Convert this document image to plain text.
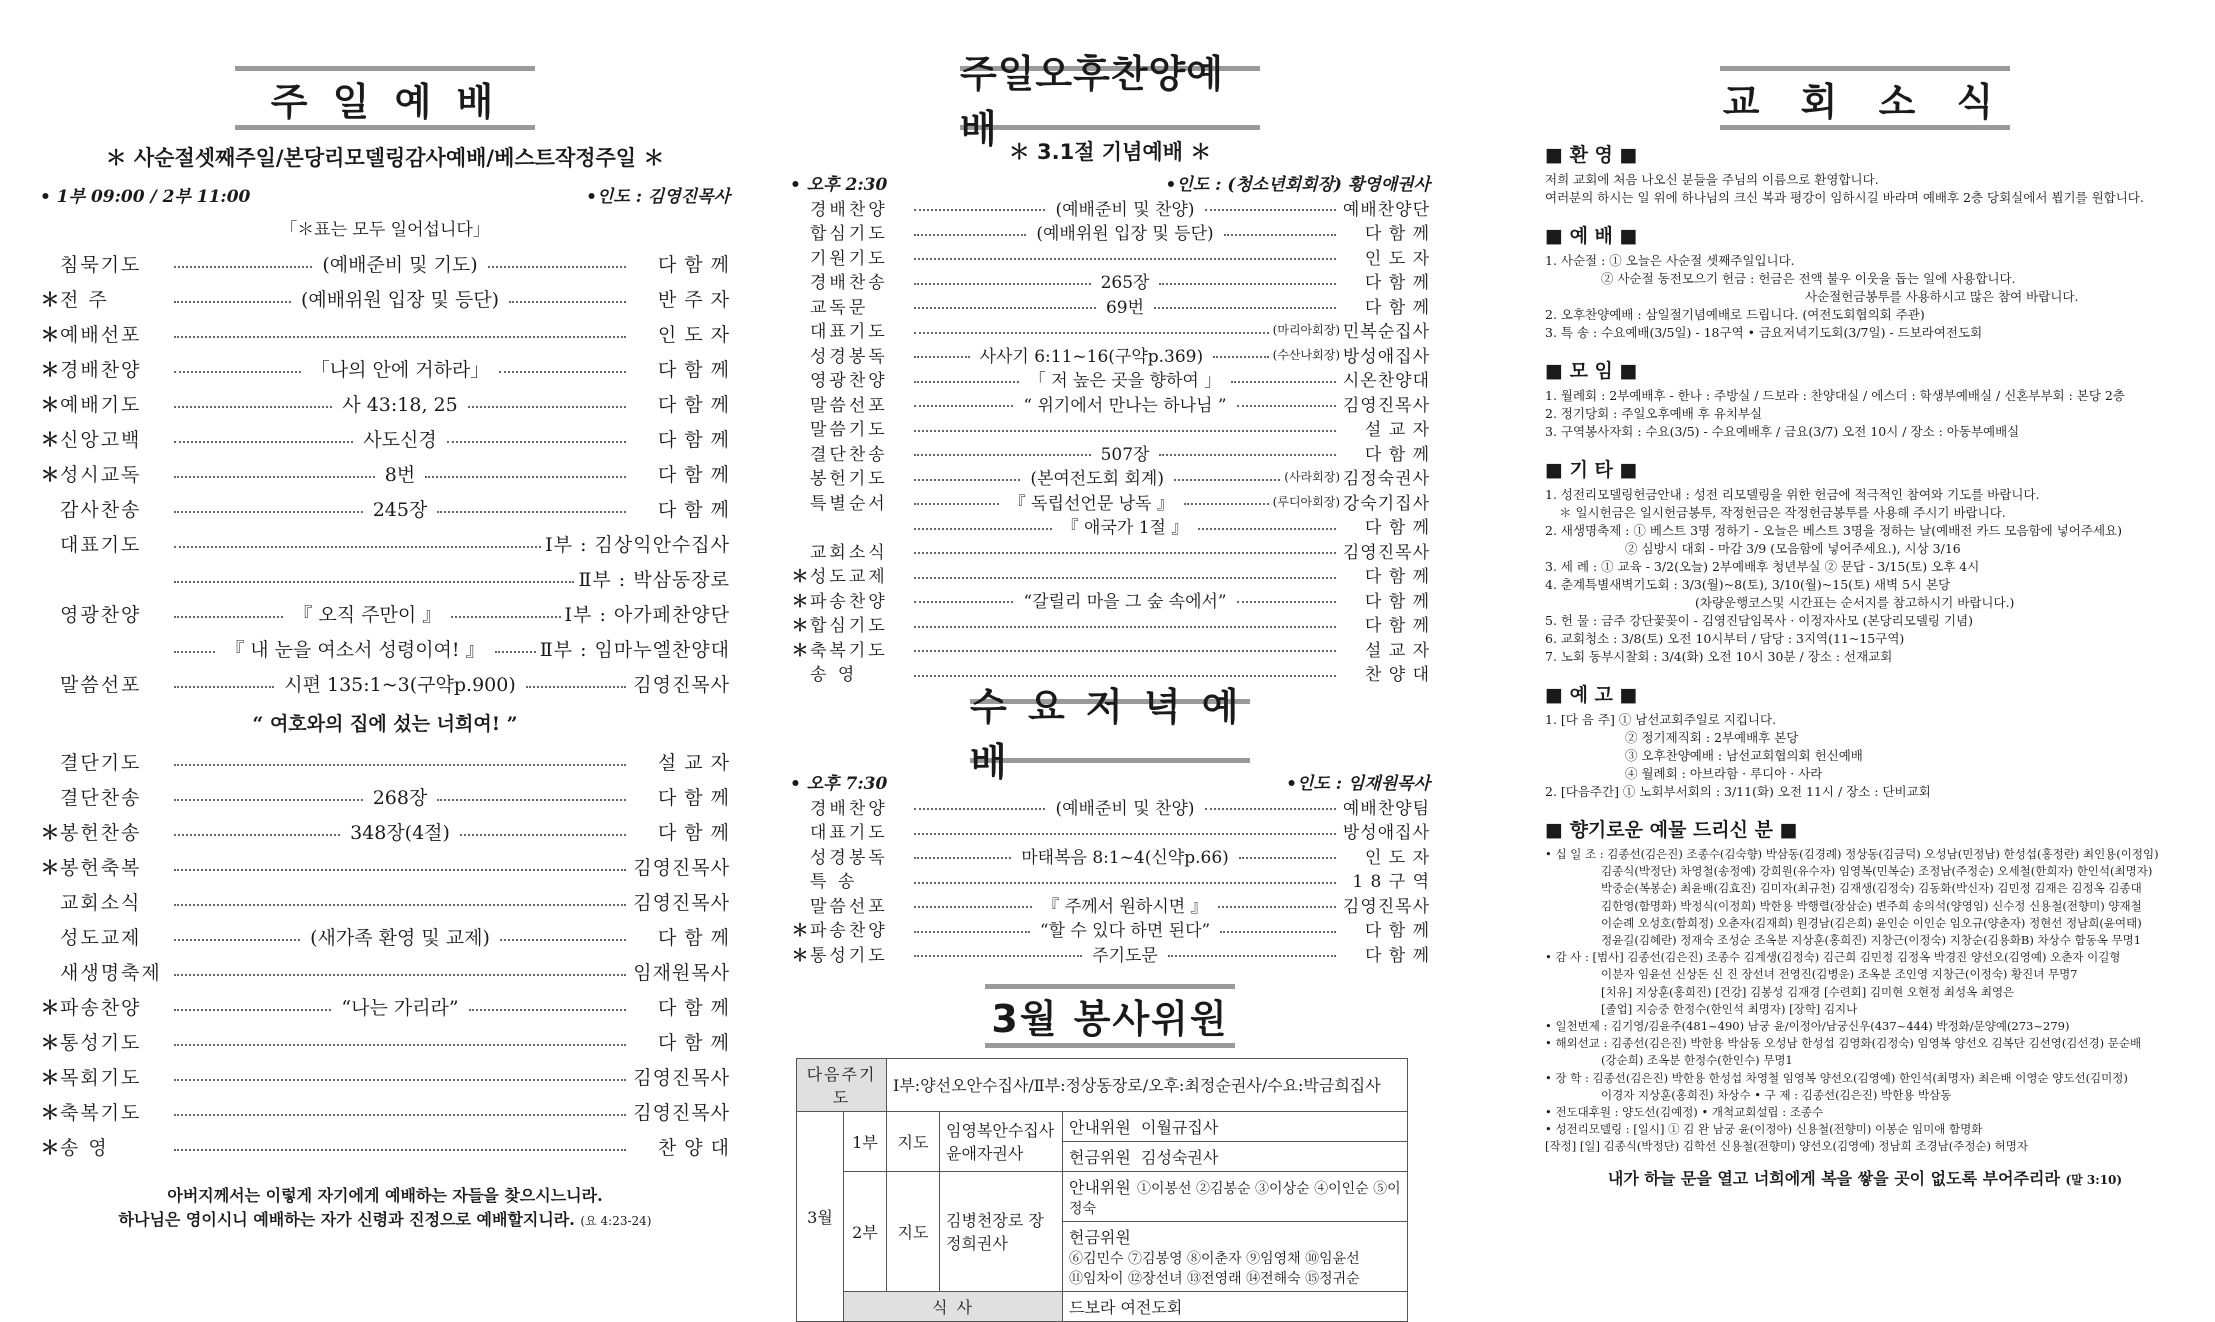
주 일 예 배
＊ 사순절셋째주일/본당리모델링감사예배/베스트작정주일 ＊
• 1부 09:00 / 2부 11:00	•인도 : 김영진목사
「＊표는 모두 일어섭니다」
침묵기도	(예배준비 및 기도)	다 함 께
＊ 전 주	(예배위원 입장 및 등단)	반 주 자
＊ 예배선포	인 도 자
＊ 경배찬양	「나의 안에 거하라」	다 함 께
＊ 예배기도	사 43:18, 25	다 함 께
＊ 신앙고백	사도신경	다 함 께
＊ 성시교독	8번	다 함 께
감사찬송	245장	다 함 께
대표기도	Ⅰ부 : 김상익안수집사
Ⅱ부 : 박삼동장로
영광찬양	『 오직 주만이 』	Ⅰ부 : 아가페찬양단
『 내 눈을 여소서 성령이여! 』	Ⅱ부 : 임마누엘찬양대
말씀선포	시편 135:1~3(구약p.900)	김영진목사
“ 여호와의 집에 섰는 너희여! ”
결단기도	설 교 자
결단찬송	268장	다 함 께
＊ 봉헌찬송	348장(4절)	다 함 께
＊ 봉헌축복	김영진목사
교회소식	김영진목사
성도교제	(새가족 환영 및 교제)	다 함 께
새생명축제	임재원목사
＊ 파송찬양	“나는 가리라”	다 함 께
＊ 통성기도	다 함 께
＊ 목회기도	김영진목사
＊ 축복기도	김영진목사
＊ 송 영	찬 양 대
아버지께서는 이렇게 자기에게 예배하는 자들을 찾으시느니라.
하나님은 영이시니 예배하는 자가 신령과 진정으로 예배할지니라. (요 4:23-24)
주일오후찬양예배
＊ 3.1절 기념예배 ＊
• 오후 2:30	•인도 : (청소년회회장) 황영애권사
경배찬양	(예배준비 및 찬양)	예배찬양단
합심기도	(예배위원 입장 및 등단)	다 함 께
기원기도	인 도 자
경배찬송	265장	다 함 께
교독문	69번	다 함 께
대표기도	(마리아회장) 민복순집사
성경봉독	사사기 6:11~16(구약p.369)	(수산나회장) 방성애집사
영광찬양	「 저 높은 곳을 향하여 」	시온찬양대
말씀선포	“ 위기에서 만나는 하나님 ”	김영진목사
말씀기도	설 교 자
결단찬송	507장	다 함 께
봉헌기도	(본여전도회 회계)	(사라회장) 김정숙권사
특별순서	『 독립선언문 낭독 』	(루디아회장) 강숙기집사
『 애국가 1절 』	다 함 께
교회소식	김영진목사
＊ 성도교제	다 함 께
＊ 파송찬양	“갈릴리 마을 그 숲 속에서”	다 함 께
＊ 합심기도	다 함 께
＊ 축복기도	설 교 자
송 영	찬 양 대
수 요 저 녁 예 배
• 오후 7:30	•인도 : 임재원목사
경배찬양	(예배준비 및 찬양)	예배찬양팀
대표기도	방성애집사
성경봉독	마태복음 8:1~4(신약p.66)	인 도 자
특 송	1 8 구 역
말씀선포	『 주께서 원하시면 』	김영진목사
＊ 파송찬양	“할 수 있다 하면 된다”	다 함 께
＊ 통성기도	주기도문	다 함 께
3월 봉사위원
다음주기도		Ⅰ부:양선오안수집사/Ⅱ부:정상동장로/오후:최정순권사/수요:박금희집사		
3월	1부	지도	임영복안수집사 윤애자권사	안내위원 이월규집사
				헌금위원 김성숙권사
	2부	지도	김병천장로 장정희권사	안내위원 ①이봉선 ②김봉순 ③이상순 ④이인순 ⑤이정숙
				헌금위원⑥김민수 ⑦김봉영 ⑧이춘자 ⑨임영채 ⑩임윤선
⑪임차이 ⑫장선녀 ⑬전영래 ⑭전해숙 ⑮정귀순
	식 사			드보라 여전도회
교 회 소 식
■ 환 영 ■
저희 교회에 처음 나오신 분들을 주님의 이름으로 환영합니다.
여러분의 하시는 일 위에 하나님의 크신 복과 평강이 임하시길 바라며 예배후 2층 당회실에서 뵙기를 원합니다.
■ 예 배 ■
1. 사순절 : ① 오늘은 사순절 셋째주일입니다.
② 사순절 동전모으기 헌금 : 헌금은 전액 불우 이웃을 돕는 일에 사용합니다.
사순절헌금봉투를 사용하시고 많은 참여 바랍니다.
2. 오후찬양예배 : 삼일절기념예배로 드립니다. (여전도회협의회 주관)
3. 특 송 : 수요예배(3/5일) - 18구역 • 금요저녁기도회(3/7일) - 드보라여전도회
■ 모 임 ■
1. 월례회 : 2부예배후 - 한나 : 주방실 / 드보라 : 찬양대실 / 에스더 : 학생부예배실 / 신혼부부회 : 본당 2층
2. 정기당회 : 주일오후예배 후 유치부실
3. 구역봉사자회 : 수요(3/5) - 수요예배후 / 금요(3/7) 오전 10시 / 장소 : 아동부예배실
■ 기 타 ■
1. 성전리모델링헌금안내 : 성전 리모델링을 위한 헌금에 적극적인 참여와 기도를 바랍니다.
＊ 일시헌금은 일시헌금봉투, 작정헌금은 작정헌금봉투를 사용해 주시기 바랍니다.
2. 새생명축제 : ① 베스트 3명 정하기 - 오늘은 베스트 3명을 정하는 날(예배전 카드 모음함에 넣어주세요)
② 심방시 대회 - 마감 3/9 (모음함에 넣어주세요.), 시상 3/16
3. 세 례 : ① 교육 - 3/2(오늘) 2부예배후 청년부실 ② 문답 - 3/15(토) 오후 4시
4. 춘계특별새벽기도회 : 3/3(월)~8(토), 3/10(월)~15(토) 새벽 5시 본당
(차량운행코스및 시간표는 순서지를 참고하시기 바랍니다.)
5. 헌 물 : 금주 강단꽃꽂이 - 김영진담임목사 · 이정자사모 (본당리모델링 기념)
6. 교회청소 : 3/8(토) 오전 10시부터 / 담당 : 3지역(11~15구역)
7. 노회 동부시찰회 : 3/4(화) 오전 10시 30분 / 장소 : 선재교회
■ 예 고 ■
1. [다 음 주] ① 남선교회주일로 지킵니다.
② 정기제직회 : 2부예배후 본당
③ 오후찬양예배 : 남선교회협의회 헌신예배
④ 월례회 : 아브라함 · 루디아 · 사라
2. [다음주간] ① 노회부서회의 : 3/11(화) 오전 11시 / 장소 : 단비교회
■ 향기로운 예물 드리신 분 ■
• 십 일 조 : 김종선(김은진) 조종수(김숙향) 박삼동(김경례) 정상동(김금덕) 오성남(민정남) 한성섭(홍정란) 최인용(이정임)
김종식(박정단) 차영철(송정예) 강희원(유수자) 임영복(민복순) 조정남(주정순) 오세철(한희자) 한인석(최명자)
박중순(복봉순) 최윤배(김효진) 김미자(최규천) 김재생(김정숙) 김동화(박신자) 김민정 김재은 김정옥 김종대
김한영(함명화) 박정식(이정희) 박한용 박행렬(장삼순) 변주희 송의석(양영임) 신수정 신용철(전향미) 양재철
이순례 오성호(함희정) 오춘자(김재희) 원경남(김은희) 윤인순 이인순 임오규(양춘자) 정현선 정남희(윤여태)
정윤길(김혜란) 정재숙 조성순 조옥분 지상훈(홍희진) 지창근(이정숙) 지창순(김용화B) 차상수 함동옥 무명1
• 감 사 : [범사] 김종선(김은진) 조종수 김계생(김정숙) 김근희 김민정 김정옥 박경진 양선오(김영예) 오춘자 이길형
이분자 임윤선 신상돈 신 진 장선녀 전영진(김병운) 조옥분 조인영 지창근(이정숙) 황진녀 무명7
[치유] 지상훈(홍희진) [건강] 김봉성 김재경 [수련회] 김미현 오현정 최성옥 최영은
[졸업] 지승중 한정수(한인석 최명자) [장학] 김지나
• 일천번제 : 김기영/김윤주(481~490) 남궁 윤/이정아/남궁신우(437~444) 박정화/문양예(273~279)
• 해외선교 : 김종선(김은진) 박한용 박삼동 오성남 한성섭 김영화(김정숙) 임영복 양선오 김복단 김선영(김선경) 문순배
(강순희) 조옥분 한정수(한인수) 무명1
• 장 학 : 김종선(김은진) 박한용 한성섭 차영철 임영복 양선오(김영예) 한인석(최명자) 최은배 이영순 양도선(김미정)
이경자 지상훈(홍희진) 차상수 • 구 제 : 김종선(김은진) 박한용 박삼동
• 전도대후원 : 양도선(김예정) • 개척교회설립 : 조종수
• 성전리모델링 : [일시] ① 김 완 남궁 윤(이정아) 신용철(전향미) 이봉순 임미애 함명화
[작정] [일] 김종식(박정단) 김학선 신용철(전향미) 양선오(김영예) 정남희 조경남(주정순) 허명자
내가 하늘 문을 열고 너희에게 복을 쌓을 곳이 없도록 부어주리라 (말 3:10)
